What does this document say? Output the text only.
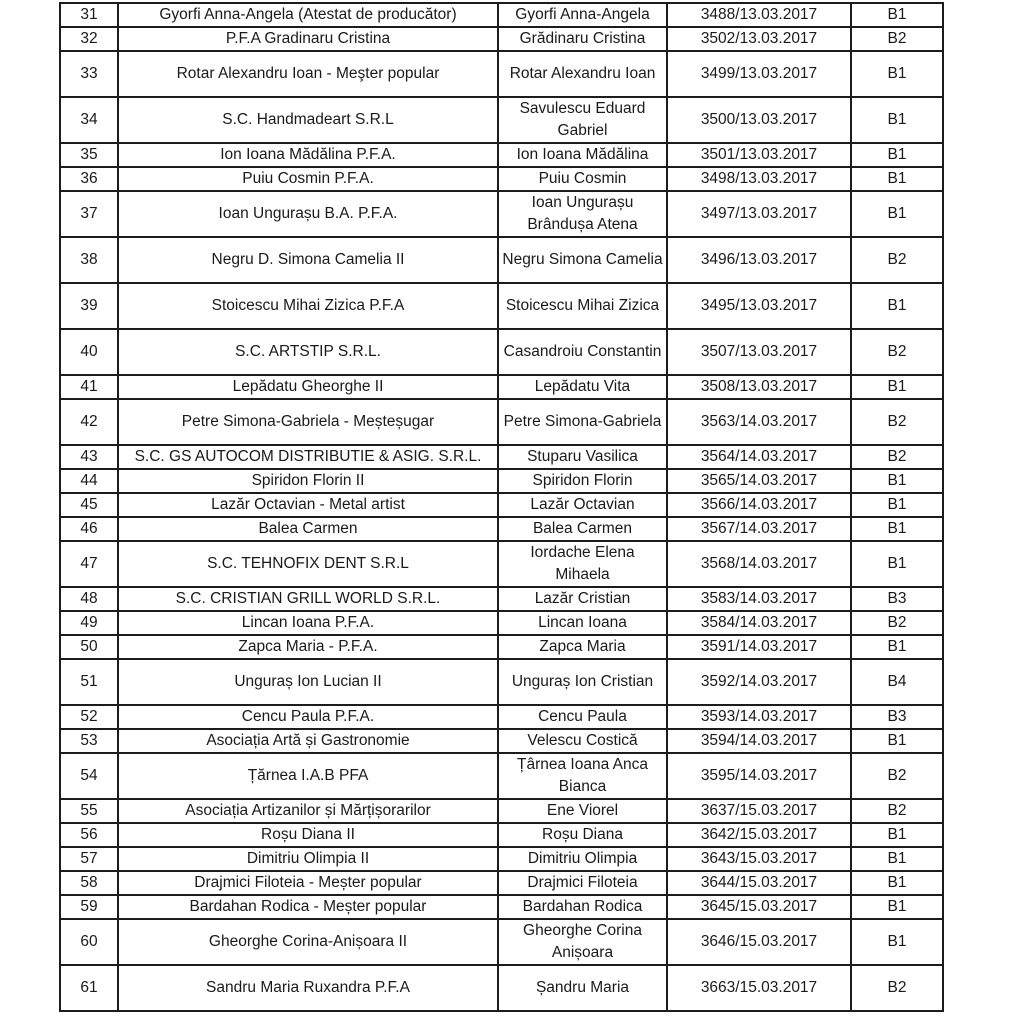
31	Gyorfi Anna-Angela (Atestat de producător)	Gyorfi Anna-Angela	3488/13.03.2017	B1
32	P.F.A Gradinaru Cristina	Grădinaru Cristina	3502/13.03.2017	B2
33	Rotar Alexandru Ioan - Meşter popular	Rotar Alexandru Ioan	3499/13.03.2017	B1
34	S.C. Handmadeart S.R.L	Savulescu Eduard Gabriel	3500/13.03.2017	B1
35	Ion Ioana Mădălina P.F.A.	Ion Ioana Mădălina	3501/13.03.2017	B1
36	Puiu Cosmin P.F.A.	Puiu Cosmin	3498/13.03.2017	B1
37	Ioan Ungurașu B.A. P.F.A.	Ioan Ungurașu Brândușa Atena	3497/13.03.2017	B1
38	Negru D. Simona Camelia II	Negru Simona Camelia	3496/13.03.2017	B2
39	Stoicescu Mihai Zizica P.F.A	Stoicescu Mihai Zizica	3495/13.03.2017	B1
40	S.C. ARTSTIP S.R.L.	Casandroiu Constantin	3507/13.03.2017	B2
41	Lepădatu Gheorghe II	Lepădatu Vita	3508/13.03.2017	B1
42	Petre Simona-Gabriela - Meșteșugar	Petre Simona-Gabriela	3563/14.03.2017	B2
43	S.C. GS AUTOCOM DISTRIBUTIE & ASIG. S.R.L.	Stuparu Vasilica	3564/14.03.2017	B2
44	Spiridon Florin II	Spiridon Florin	3565/14.03.2017	B1
45	Lazăr Octavian - Metal artist	Lazăr Octavian	3566/14.03.2017	B1
46	Balea Carmen	Balea Carmen	3567/14.03.2017	B1
47	S.C. TEHNOFIX DENT S.R.L	Iordache Elena Mihaela	3568/14.03.2017	B1
48	S.C. CRISTIAN GRILL WORLD S.R.L.	Lazăr Cristian	3583/14.03.2017	B3
49	Lincan Ioana P.F.A.	Lincan Ioana	3584/14.03.2017	B2
50	Zapca Maria - P.F.A.	Zapca Maria	3591/14.03.2017	B1
51	Unguraș Ion Lucian II	Unguraș Ion Cristian	3592/14.03.2017	B4
52	Cencu Paula P.F.A.	Cencu Paula	3593/14.03.2017	B3
53	Asociația Artă și Gastronomie	Velescu Costică	3594/14.03.2017	B1
54	Țărnea I.A.B PFA	Țârnea Ioana Anca Bianca	3595/14.03.2017	B2
55	Asociația Artizanilor și Mărțișorarilor	Ene Viorel	3637/15.03.2017	B2
56	Roșu Diana II	Roșu Diana	3642/15.03.2017	B1
57	Dimitriu Olimpia II	Dimitriu Olimpia	3643/15.03.2017	B1
58	Drajmici Filoteia - Meșter popular	Drajmici Filoteia	3644/15.03.2017	B1
59	Bardahan Rodica - Meșter popular	Bardahan Rodica	3645/15.03.2017	B1
60	Gheorghe Corina-Anișoara II	Gheorghe Corina Anișoara	3646/15.03.2017	B1
61	Sandru Maria Ruxandra P.F.A	Șandru Maria	3663/15.03.2017	B2
